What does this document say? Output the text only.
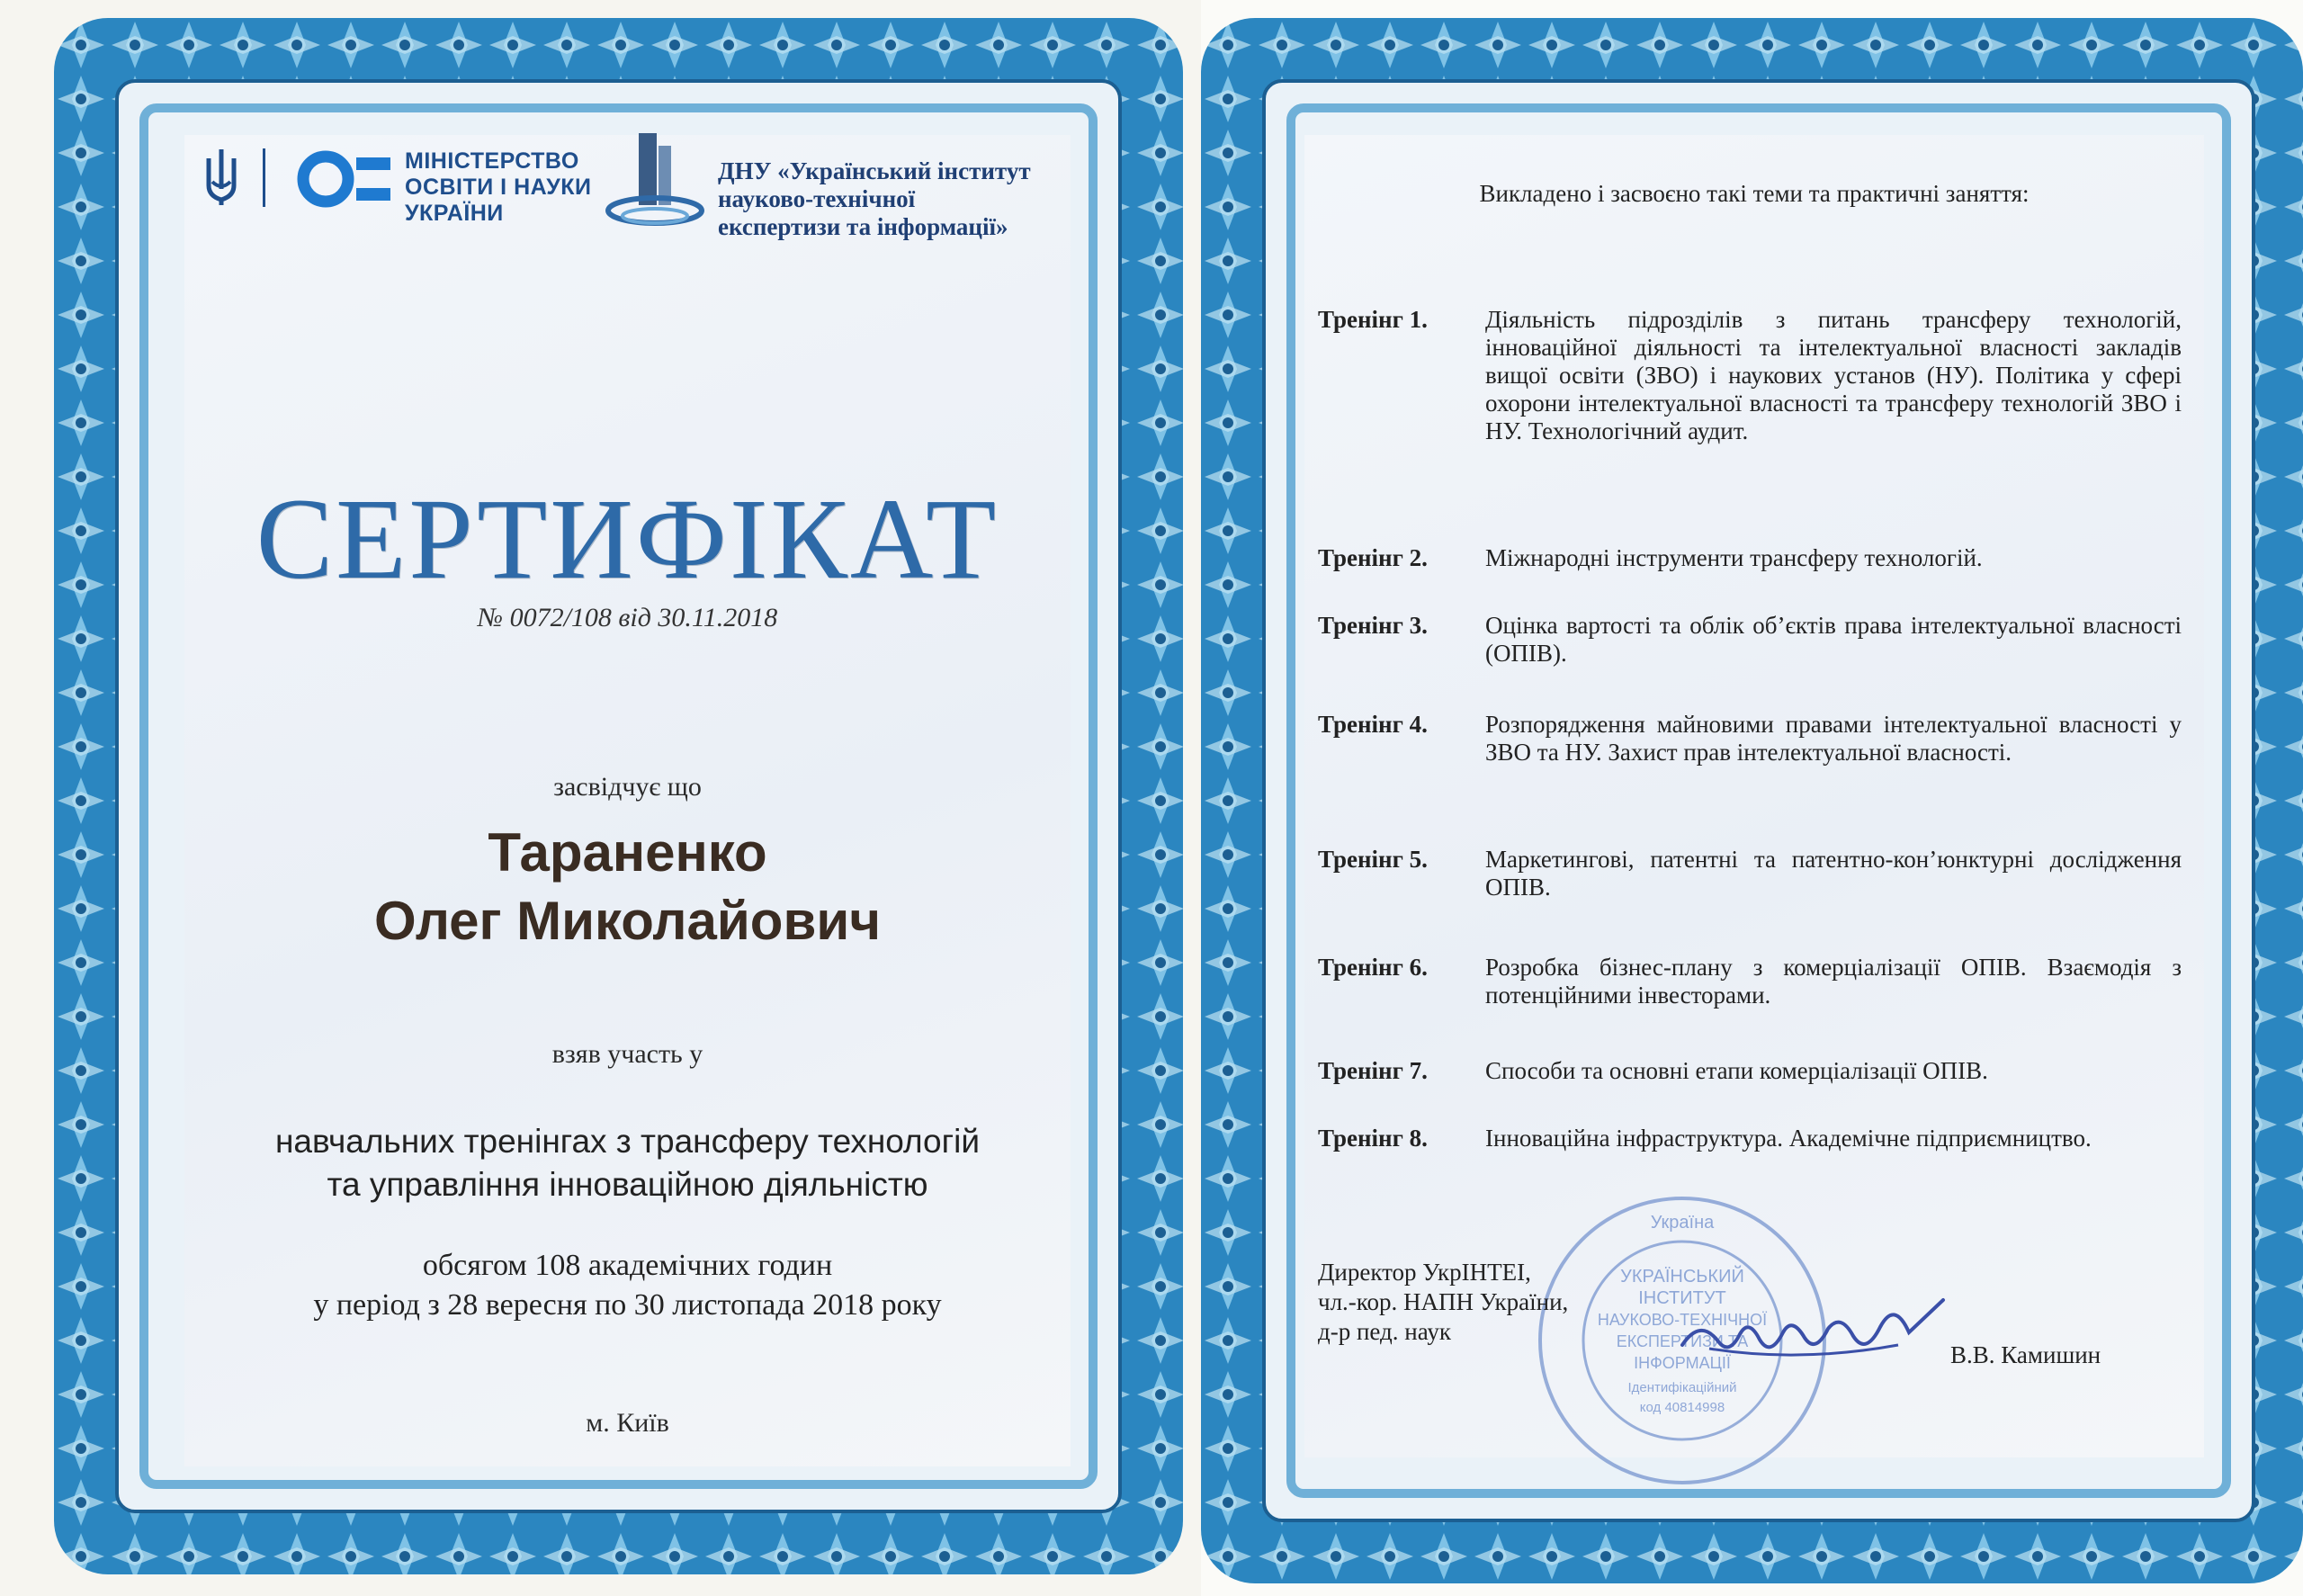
МІНІСТЕРСТВО
ОСВІТИ І НАУКИ
УКРАЇНИ
ДНУ «Український інститут
науково-технічної
експертизи та інформації»
СЕРТИФІКАТ
№ 0072/108 від 30.11.2018
засвідчує що
Тараненко
Олег Миколайович
взяв участь у
навчальних тренінгах з трансферу технологій
та управління інноваційною діяльністю
обсягом 108 академічних годин
у період з 28 вересня по 30 листопада 2018 року
м. Київ
Викладено і засвоєно такі теми та практичні заняття:
Тренінг 1. Діяльність підрозділів з питань трансферу технологій, інноваційної діяльності та інтелектуальної власності закладів вищої освіти (ЗВО) і наукових установ (НУ). Політика у сфері охорони інтелектуальної власності та трансферу технологій ЗВО і НУ. Технологічний аудит.
Тренінг 2. Міжнародні інструменти трансферу технологій.
Тренінг 3. Оцінка вартості та облік об’єктів права інтелектуальної власності (ОПІВ).
Тренінг 4. Розпорядження майновими правами інтелектуальної власності у ЗВО та НУ. Захист прав інтелектуальної власності.
Тренінг 5. Маркетингові, патентні та патентно-кон’юнктурні дослідження ОПІВ.
Тренінг 6. Розробка бізнес-плану з комерціалізації ОПІВ. Взаємодія з потенційними інвесторами.
Тренінг 7. Способи та основні етапи комерціалізації ОПІВ.
Тренінг 8. Інноваційна інфраструктура. Академічне підприємництво.
Україна
УКРАЇНСЬКИЙ
ІНСТИТУТ
НАУКОВО-ТЕХНІЧНОЇ
ЕКСПЕРТИЗИ ТА
ІНФОРМАЦІЇ
Ідентифікаційний
код 40814998
Директор УкрІНТЕІ,
чл.-кор. НАПН України,
д-р пед. наук
В.В. Камишин
